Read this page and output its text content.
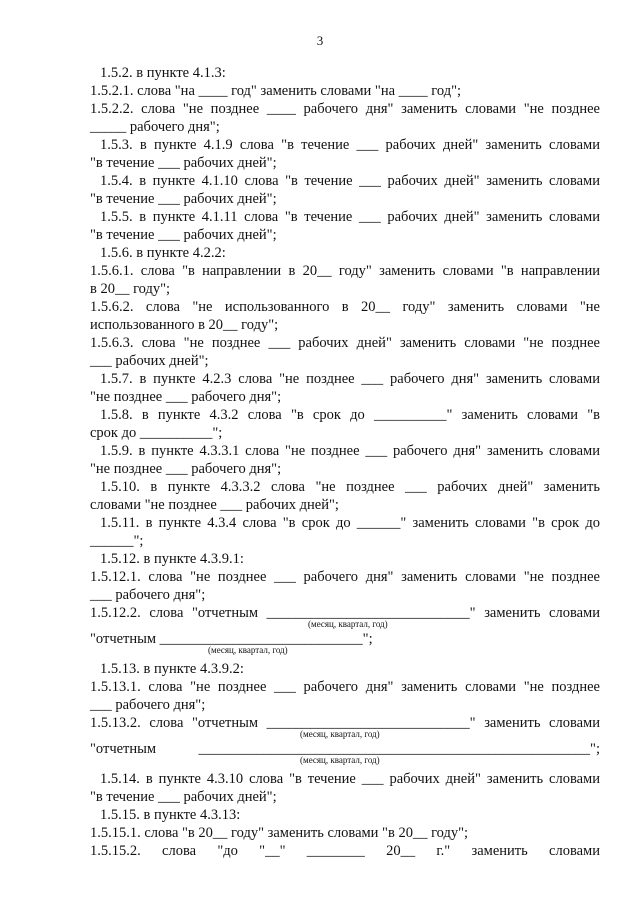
3
1.5.2. в пункте 4.1.3:
1.5.2.1. слова "на ____ год" заменить словами "на ____ год";
1.5.2.2. слова "не позднее ____ рабочего дня" заменить словами "не позднее
_____ рабочего дня";
1.5.3. в пункте 4.1.9 слова "в течение ___ рабочих дней" заменить словами
"в течение ___ рабочих дней";
1.5.4. в пункте 4.1.10 слова "в течение ___ рабочих дней" заменить словами
"в течение ___ рабочих дней";
1.5.5. в пункте 4.1.11 слова "в течение ___ рабочих дней" заменить словами
"в течение ___ рабочих дней";
1.5.6. в пункте 4.2.2:
1.5.6.1. слова "в направлении в 20__ году" заменить словами "в направлении
в 20__ году";
1.5.6.2. слова "не использованного в 20__ году" заменить словами "не
использованного в 20__ году";
1.5.6.3. слова "не позднее ___ рабочих дней" заменить словами "не позднее
___ рабочих дней";
1.5.7. в пункте 4.2.3 слова "не позднее ___ рабочего дня" заменить словами
"не позднее ___ рабочего дня";
1.5.8. в пункте 4.3.2 слова "в срок до __________" заменить словами "в
срок до __________";
1.5.9. в пункте 4.3.3.1 слова "не позднее ___ рабочего дня" заменить словами
"не позднее ___ рабочего дня";
1.5.10. в пункте 4.3.3.2 слова "не позднее ___ рабочих дней" заменить
словами "не позднее ___ рабочих дней";
1.5.11. в пункте 4.3.4 слова "в срок до ______" заменить словами "в срок до
______";
1.5.12. в пункте 4.3.9.1:
1.5.12.1. слова "не позднее ___ рабочего дня" заменить словами "не позднее
___ рабочего дня";
1.5.12.2. слова "отчетным ____________________________" заменить словами
"отчетным ____________________________";
1.5.13. в пункте 4.3.9.2:
1.5.13.1. слова "не позднее ___ рабочего дня" заменить словами "не позднее
___ рабочего дня";
1.5.13.2. слова "отчетным ____________________________" заменить словами
"отчетным ______________________________________________________";
1.5.14. в пункте 4.3.10 слова "в течение ___ рабочих дней" заменить словами
"в течение ___ рабочих дней";
1.5.15. в пункте 4.3.13:
1.5.15.1. слова "в 20__ году" заменить словами "в 20__ году";
1.5.15.2. слова "до "__" ________ 20__ г." заменить словами
(месяц, квартал, год)
(месяц, квартал, год)
(месяц, квартал, год)
(месяц, квартал, год)
